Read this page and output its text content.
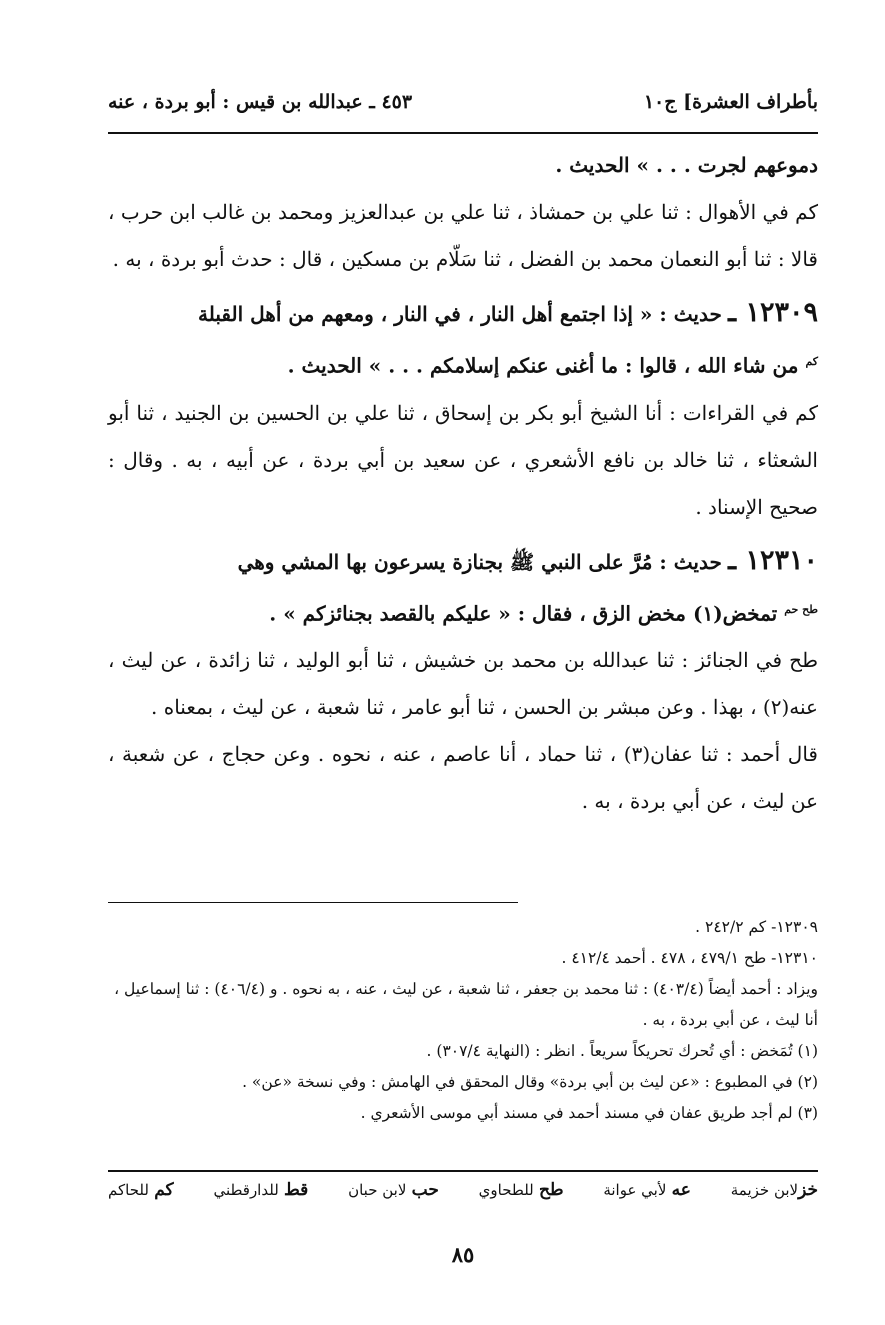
بأطراف العشرة] ج١٠
٤٥٣ ـ عبدالله بن قيس : أبو بردة ، عنه

دموعهم لجرت . . . » الحديث .

كم في الأهوال : ثنا علي بن حمشاذ ، ثنا علي بن عبدالعزيز ومحمد بن غالب ابن حرب ، قالا : ثنا أبو النعمان محمد بن الفضل ، ثنا سَلّام بن مسكين ، قال : حدث أبو بردة ، به .

١٢٣٠٩ ـ حديث : « إذا اجتمع أهل النار ، في النار ، ومعهم من أهل القبلة

$^{كم}$ من شاء الله ، قالوا : ما أغنى عنكم إسلامكم . . . » الحديث .

كم في القراءات : أنا الشيخ أبو بكر بن إسحاق ، ثنا علي بن الحسين بن الجنيد ، ثنا أبو الشعثاء ، ثنا خالد بن نافع الأشعري ، عن سعيد بن أبي بردة ، عن أبيه ، به . وقال : صحيح الإسناد .

١٢٣١٠ ـ حديث : مُرَّ على النبي ﷺ بجنازة يسرعون بها المشي وهي

$^{طح حم}$ تمخض(١) مخض الزق ، فقال : « عليكم بالقصد بجنائزكم » .

طح في الجنائز : ثنا عبدالله بن محمد بن خشيش ، ثنا أبو الوليد ، ثنا زائدة ، عن ليث ، عنه(٢) ، بهذا . وعن مبشر بن الحسن ، ثنا أبو عامر ، ثنا شعبة ، عن ليث ، بمعناه .

قال أحمد : ثنا عفان(٣) ، ثنا حماد ، أنا عاصم ، عنه ، نحوه . وعن حجاج ، عن شعبة ، عن ليث ، عن أبي بردة ، به .

١٢٣٠٩- كم ٢٤٢/٢ .

١٢٣١٠- طح ٤٧٩/١ ، ٤٧٨ . أحمد ٤١٢/٤ .

ويزاد : أحمد أيضاً (٤٠٣/٤) : ثنا محمد بن جعفر ، ثنا شعبة ، عن ليث ، عنه ، به نحوه . و (٤٠٦/٤) : ثنا إسماعيل ، أنا ليث ، عن أبي بردة ، به .

(١) تُمَخض : أي تُحرك تحريكاً سريعاً . انظر : (النهاية ٣٠٧/٤) .

(٢) في المطبوع : «عن ليث بن أبي بردة» وقال المحقق في الهامش : وفي نسخة «عن» .

(٣) لم أجد طريق عفان في مسند أحمد في مسند أبي موسى الأشعري .

خزلابن خزيمة
عه لأبي عوانة
طح للطحاوي
حب لابن حبان
قط للدارقطني
كم للحاكم
٨٥
